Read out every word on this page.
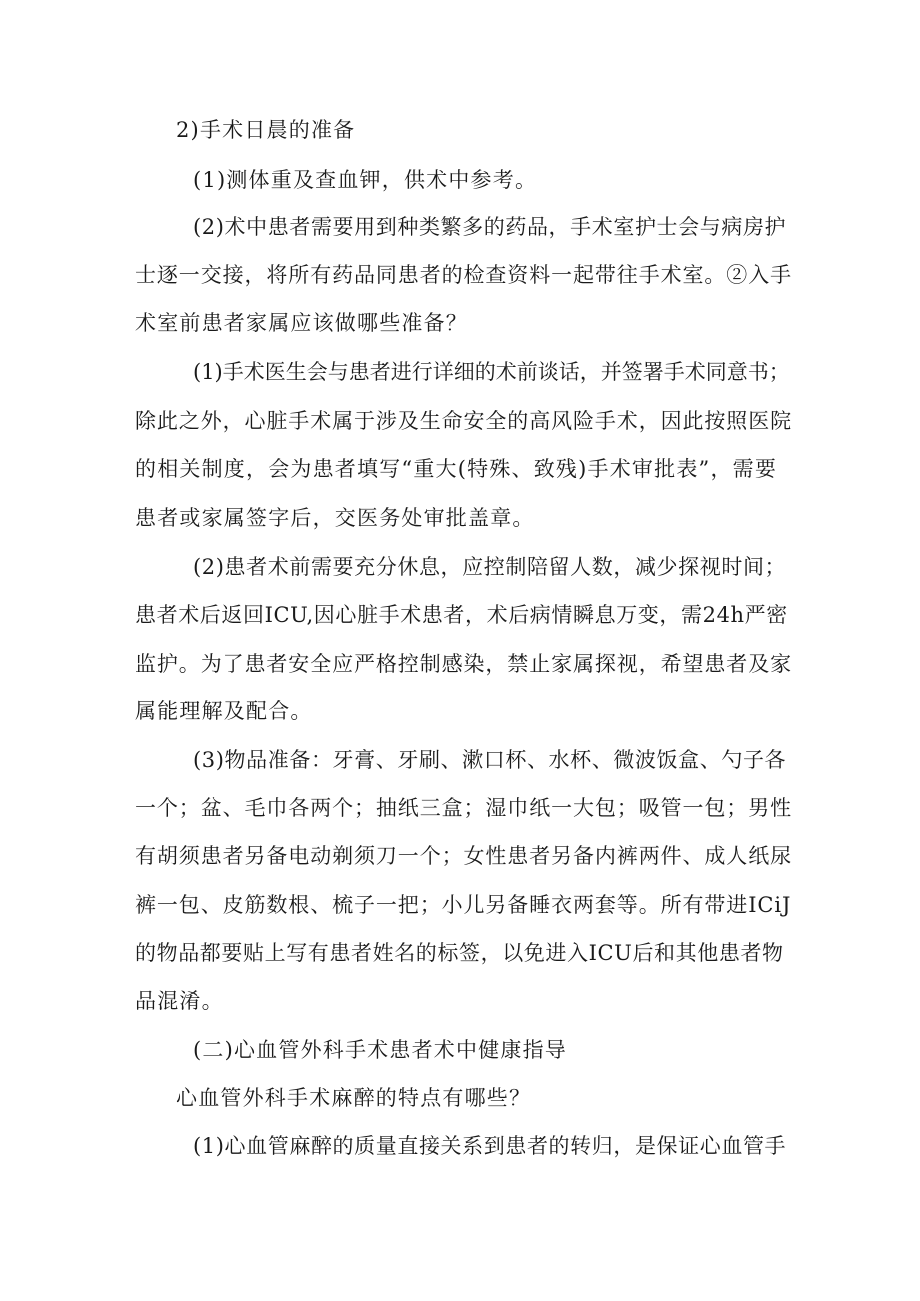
2)手术日晨的准备
(1)测体重及查血钾，供术中参考。
(2)术中患者需要用到种类繁多的药品，手术室护士会与病房护
士逐一交接，将所有药品同患者的检查资料一起带往手术室。②入手
术室前患者家属应该做哪些准备？
(1)手术医生会与患者进行详细的术前谈话，并签署手术同意书；
除此之外，心脏手术属于涉及生命安全的高风险手术，因此按照医院
的相关制度，会为患者填写“重大(特殊、致残)手术审批表”，需要
患者或家属签字后，交医务处审批盖章。
(2)患者术前需要充分休息，应控制陪留人数，减少探视时间；
患者术后返回ICU,因心脏手术患者，术后病情瞬息万变，需24h严密
监护。为了患者安全应严格控制感染，禁止家属探视，希望患者及家
属能理解及配合。
(3)物品准备：牙膏、牙刷、漱口杯、水杯、微波饭盒、勺子各
一个；盆、毛巾各两个；抽纸三盒；湿巾纸一大包；吸管一包；男性
有胡须患者另备电动剃须刀一个；女性患者另备内裤两件、成人纸尿
裤一包、皮筋数根、梳子一把；小儿另备睡衣两套等。所有带进ICiJ
的物品都要贴上写有患者姓名的标签，以免进入ICU后和其他患者物
品混淆。
(二)心血管外科手术患者术中健康指导
心血管外科手术麻醉的特点有哪些？
(1)心血管麻醉的质量直接关系到患者的转归，是保证心血管手
